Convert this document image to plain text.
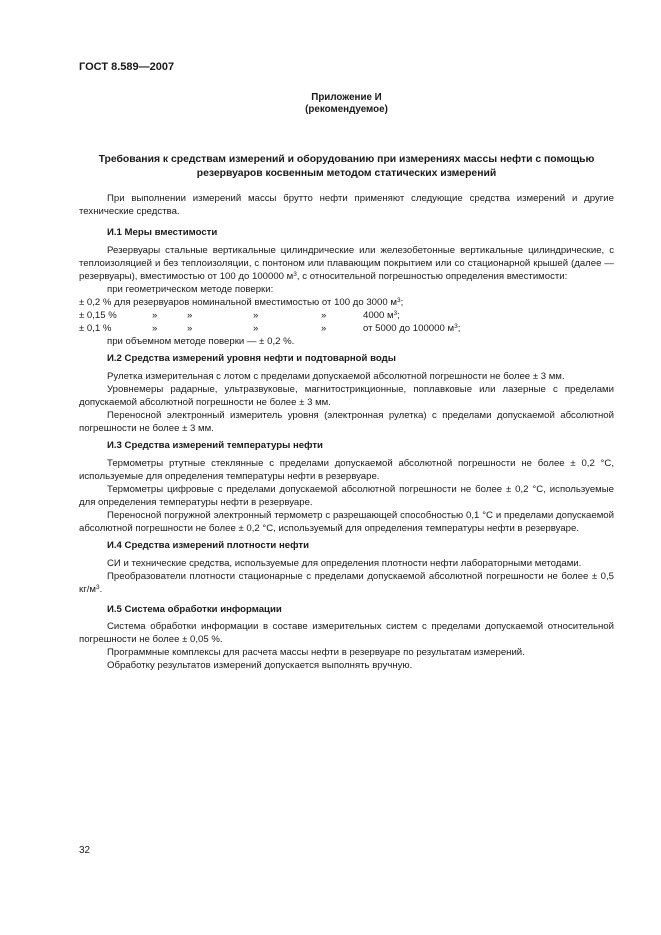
ГОСТ 8.589—2007
Приложение И
(рекомендуемое)
Требования к средствам измерений и оборудованию при измерениях массы нефти с помощью
резервуаров косвенным методом статических измерений
При выполнении измерений массы брутто нефти применяют следующие средства измерений и другие технические средства.
И.1 Меры вместимости
Резервуары стальные вертикальные цилиндрические или железобетонные вертикальные цилиндрические, с теплоизоляцией и без теплоизоляции, с понтоном или плавающим покрытием или со стационарной крышей (далее — резервуары), вместимостью от 100 до 100000 $м^3$, с относительной погрешностью определения вместимости:
при геометрическом методе поверки:
± 0,2 % для резервуаров номинальной вместимостью от 100 до 3000 $м^3$;
± 0,15 %	»	»	»	»	4000 $м^3$;
± 0,1 %	»	»	»	»	от 5000 до 100000 $м^3$;
при объемном методе поверки — ± 0,2 %.
И.2 Средства измерений уровня нефти и подтоварной воды
Рулетка измерительная с лотом с пределами допускаемой абсолютной погрешности не более ± 3 мм.
Уровнемеры радарные, ультразвуковые, магнитострикционные, поплавковые или лазерные с пределами допускаемой абсолютной погрешности не более ± 3 мм.
Переносной электронный измеритель уровня (электронная рулетка) с пределами допускаемой абсолютной погрешности не более ± 3 мм.
И.3 Средства измерений температуры нефти
Термометры ртутные стеклянные с пределами допускаемой абсолютной погрешности не более ± 0,2 °С, используемые для определения температуры нефти в резервуаре.
Термометры цифровые с пределами допускаемой абсолютной погрешности не более ± 0,2 °С, используемые для определения температуры нефти в резервуаре.
Переносной погружной электронный термометр с разрешающей способностью 0,1 °С и пределами допускаемой абсолютной погрешности не более ± 0,2 °С, используемый для определения температуры нефти в резервуаре.
И.4 Средства измерений плотности нефти
СИ и технические средства, используемые для определения плотности нефти лабораторными методами.
Преобразователи плотности стационарные с пределами допускаемой абсолютной погрешности не более ± 0,5 $кг/м^3$.
И.5 Система обработки информации
Система обработки информации в составе измерительных систем с пределами допускаемой относительной погрешности не более ± 0,05 %.
Программные комплексы для расчета массы нефти в резервуаре по результатам измерений.
Обработку результатов измерений допускается выполнять вручную.
32
